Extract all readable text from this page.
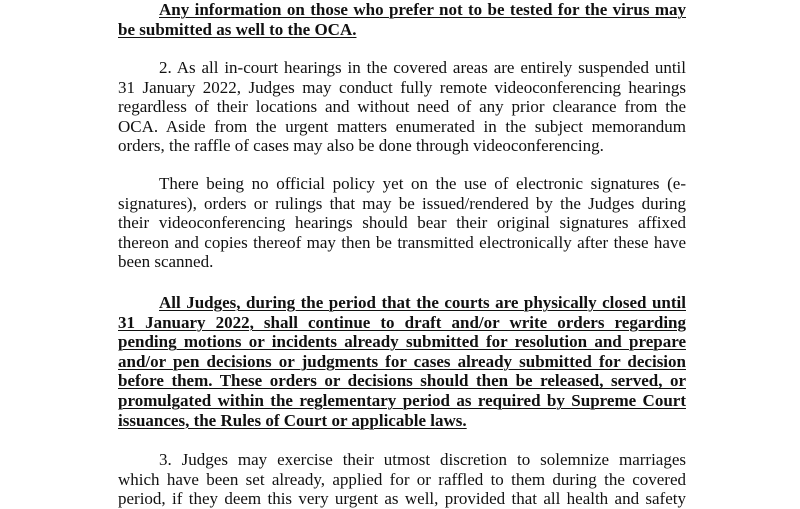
Any information on those who prefer not to be tested for the virus may
be submitted as well to the OCA.
2. As all in-court hearings in the covered areas are entirely suspended until
31 January 2022, Judges may conduct fully remote videoconferencing hearings
regardless of their locations and without need of any prior clearance from the
OCA. Aside from the urgent matters enumerated in the subject memorandum
orders, the raffle of cases may also be done through videoconferencing.
There being no official policy yet on the use of electronic signatures (e-
signatures), orders or rulings that may be issued/rendered by the Judges during
their videoconferencing hearings should bear their original signatures affixed
thereon and copies thereof may then be transmitted electronically after these have
been scanned.
All Judges, during the period that the courts are physically closed until
31 January 2022, shall continue to draft and/or write orders regarding
pending motions or incidents already submitted for resolution and prepare
and/or pen decisions or judgments for cases already submitted for decision
before them. These orders or decisions should then be released, served, or
promulgated within the reglementary period as required by Supreme Court
issuances, the Rules of Court or applicable laws.
3. Judges may exercise their utmost discretion to solemnize marriages
which have been set already, applied for or raffled to them during the covered
period, if they deem this very urgent as well, provided that all health and safety
